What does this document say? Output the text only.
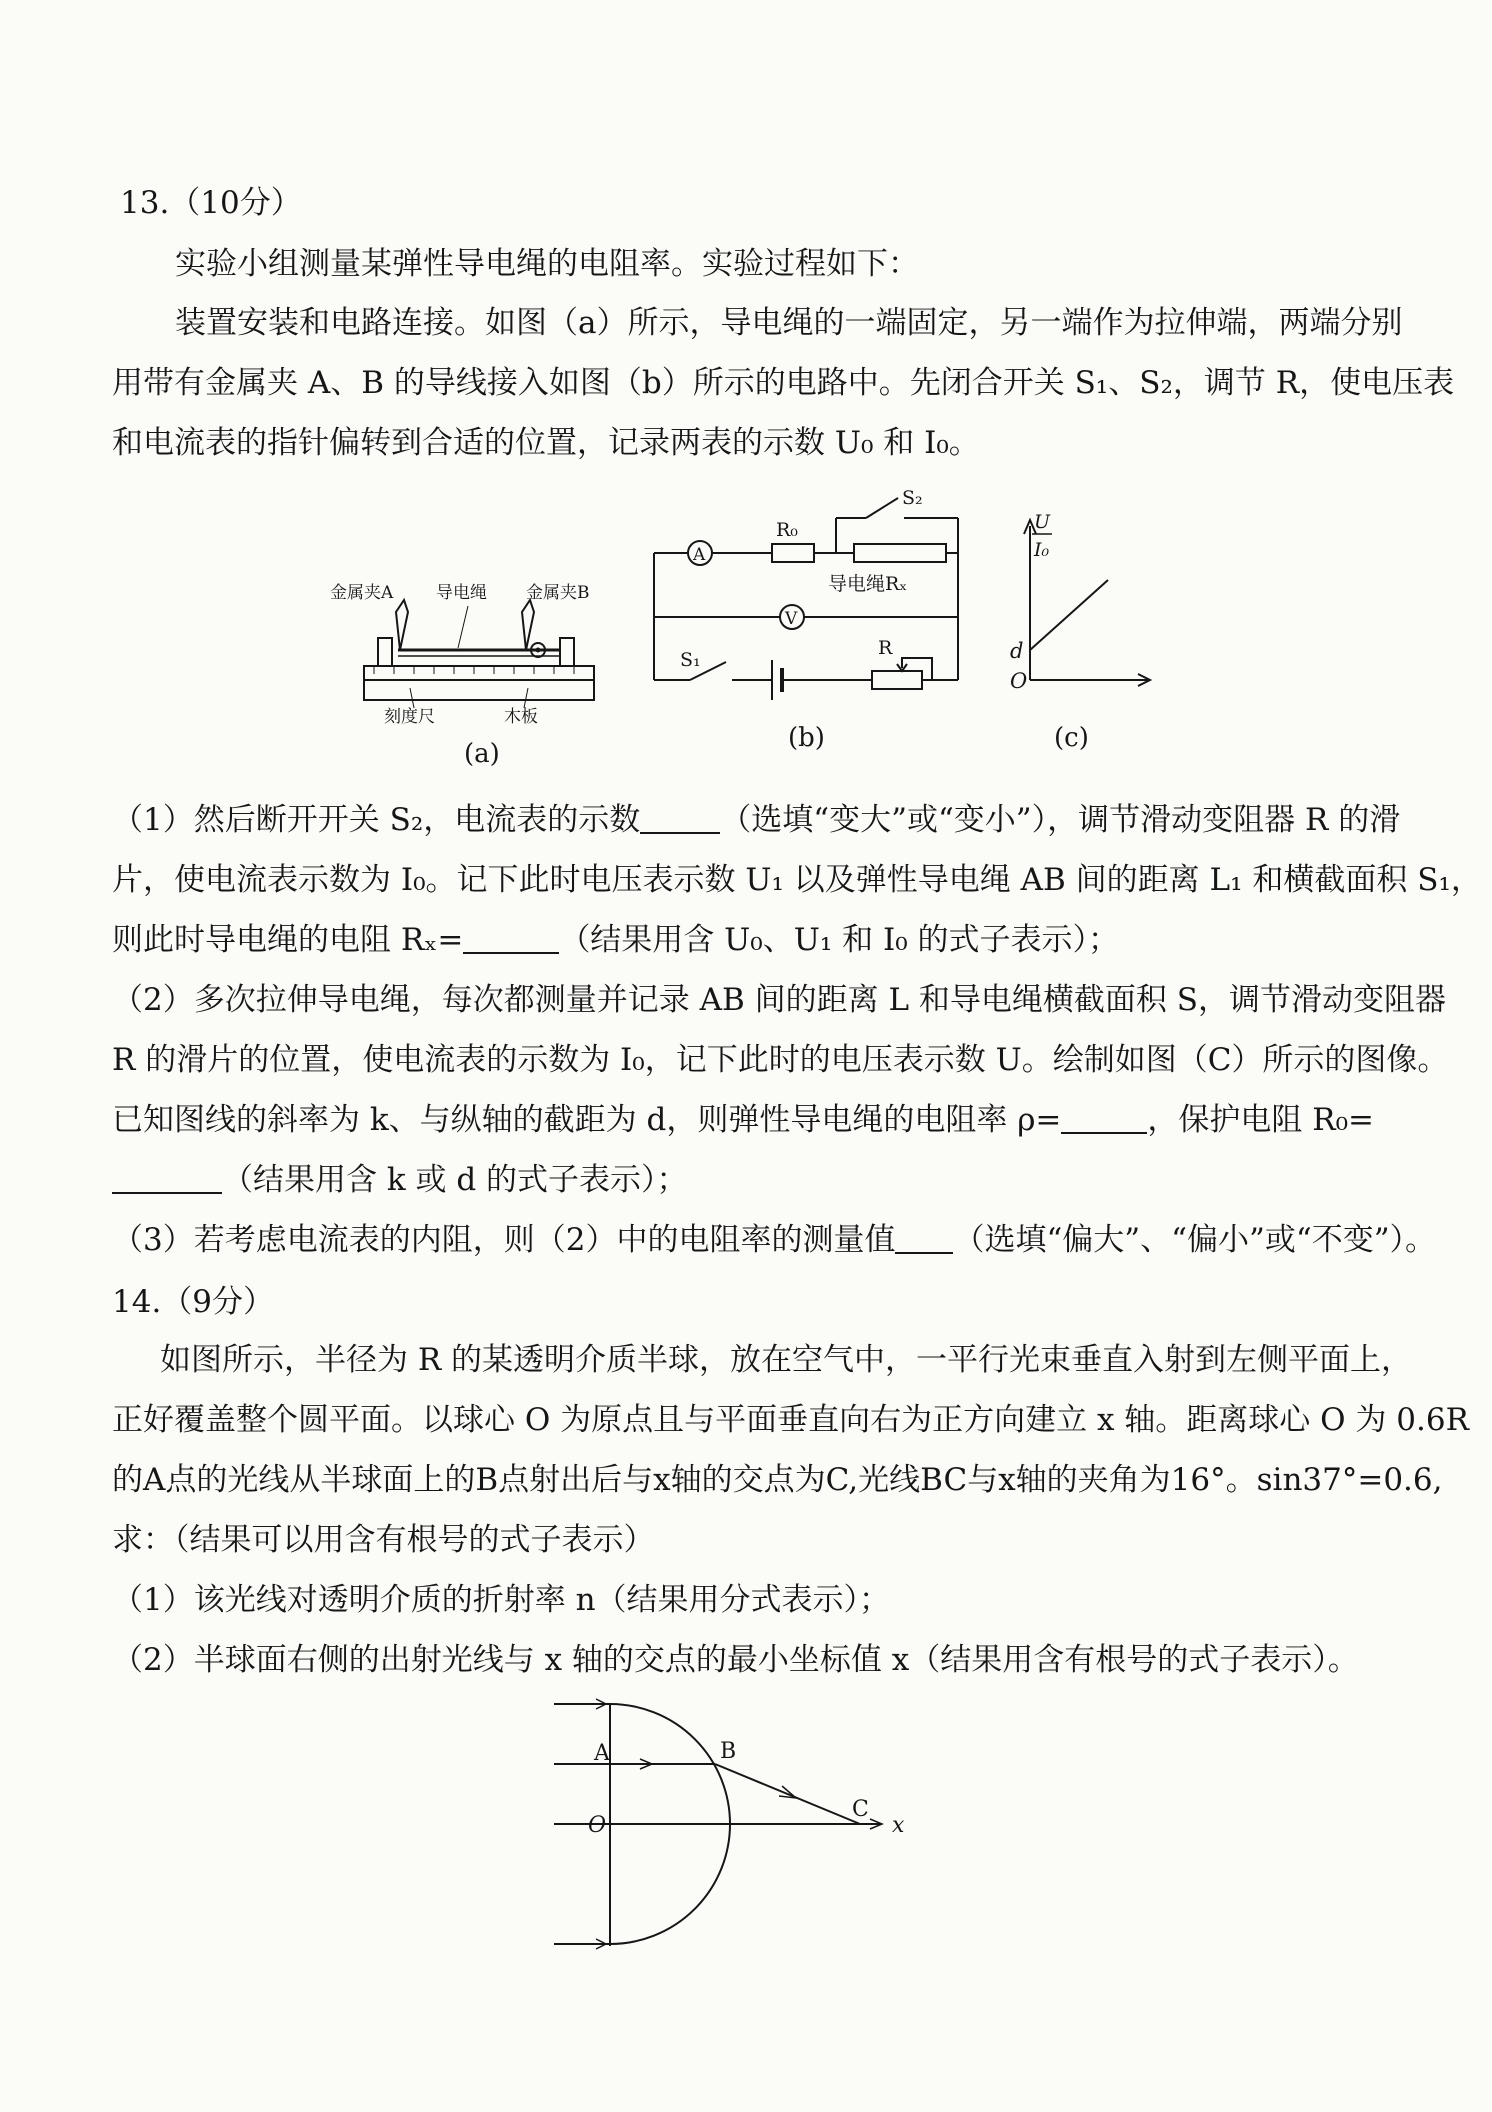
13.（10分）
实验小组测量某弹性导电绳的电阻率。实验过程如下：
装置安装和电路连接。如图（a）所示，导电绳的一端固定，另一端作为拉伸端，两端分别
用带有金属夹 A、B 的导线接入如图（b）所示的电路中。先闭合开关 S₁、S₂，调节 R，使电压表
和电流表的指针偏转到合适的位置，记录两表的示数 U₀ 和 I₀。
金属夹A	导电绳 金属夹B
刻度尺	木板
(a)
A
R₀
S₂
导电绳Rₓ
V
S₁
R
(b)
U
I₀
d
O
(c)
（1）然后断开开关 S₂，电流表的示数	（选填“变大”或“变小”），调节滑动变阻器 R 的滑
片，使电流表示数为 I₀。记下此时电压表示数 U₁ 以及弹性导电绳 AB 间的距离 L₁ 和横截面积 S₁，
则此时导电绳的电阻 Rₓ=	（结果用含 U₀、U₁ 和 I₀ 的式子表示）；
（2）多次拉伸导电绳，每次都测量并记录 AB 间的距离 L 和导电绳横截面积 S，调节滑动变阻器
R 的滑片的位置，使电流表的示数为 I₀，记下此时的电压表示数 U。绘制如图（C）所示的图像。
已知图线的斜率为 k、与纵轴的截距为 d，则弹性导电绳的电阻率 ρ=	，保护电阻 R₀=
（结果用含 k 或 d 的式子表示）；
（3）若考虑电流表的内阻，则（2）中的电阻率的测量值 （选填“偏大”、“偏小”或“不变”）。
14.（9分）
如图所示，半径为 R 的某透明介质半球，放在空气中，一平行光束垂直入射到左侧平面上，
正好覆盖整个圆平面。以球心 O 为原点且与平面垂直向右为正方向建立 x 轴。距离球心 O 为 0.6R
的A点的光线从半球面上的B点射出后与x轴的交点为C,光线BC与x轴的夹角为16°。sin37°=0.6,
求：（结果可以用含有根号的式子表示）
（1）该光线对透明介质的折射率 n（结果用分式表示）；
（2）半球面右侧的出射光线与 x 轴的交点的最小坐标值 x（结果用含有根号的式子表示）。
A	B
O
C
x
